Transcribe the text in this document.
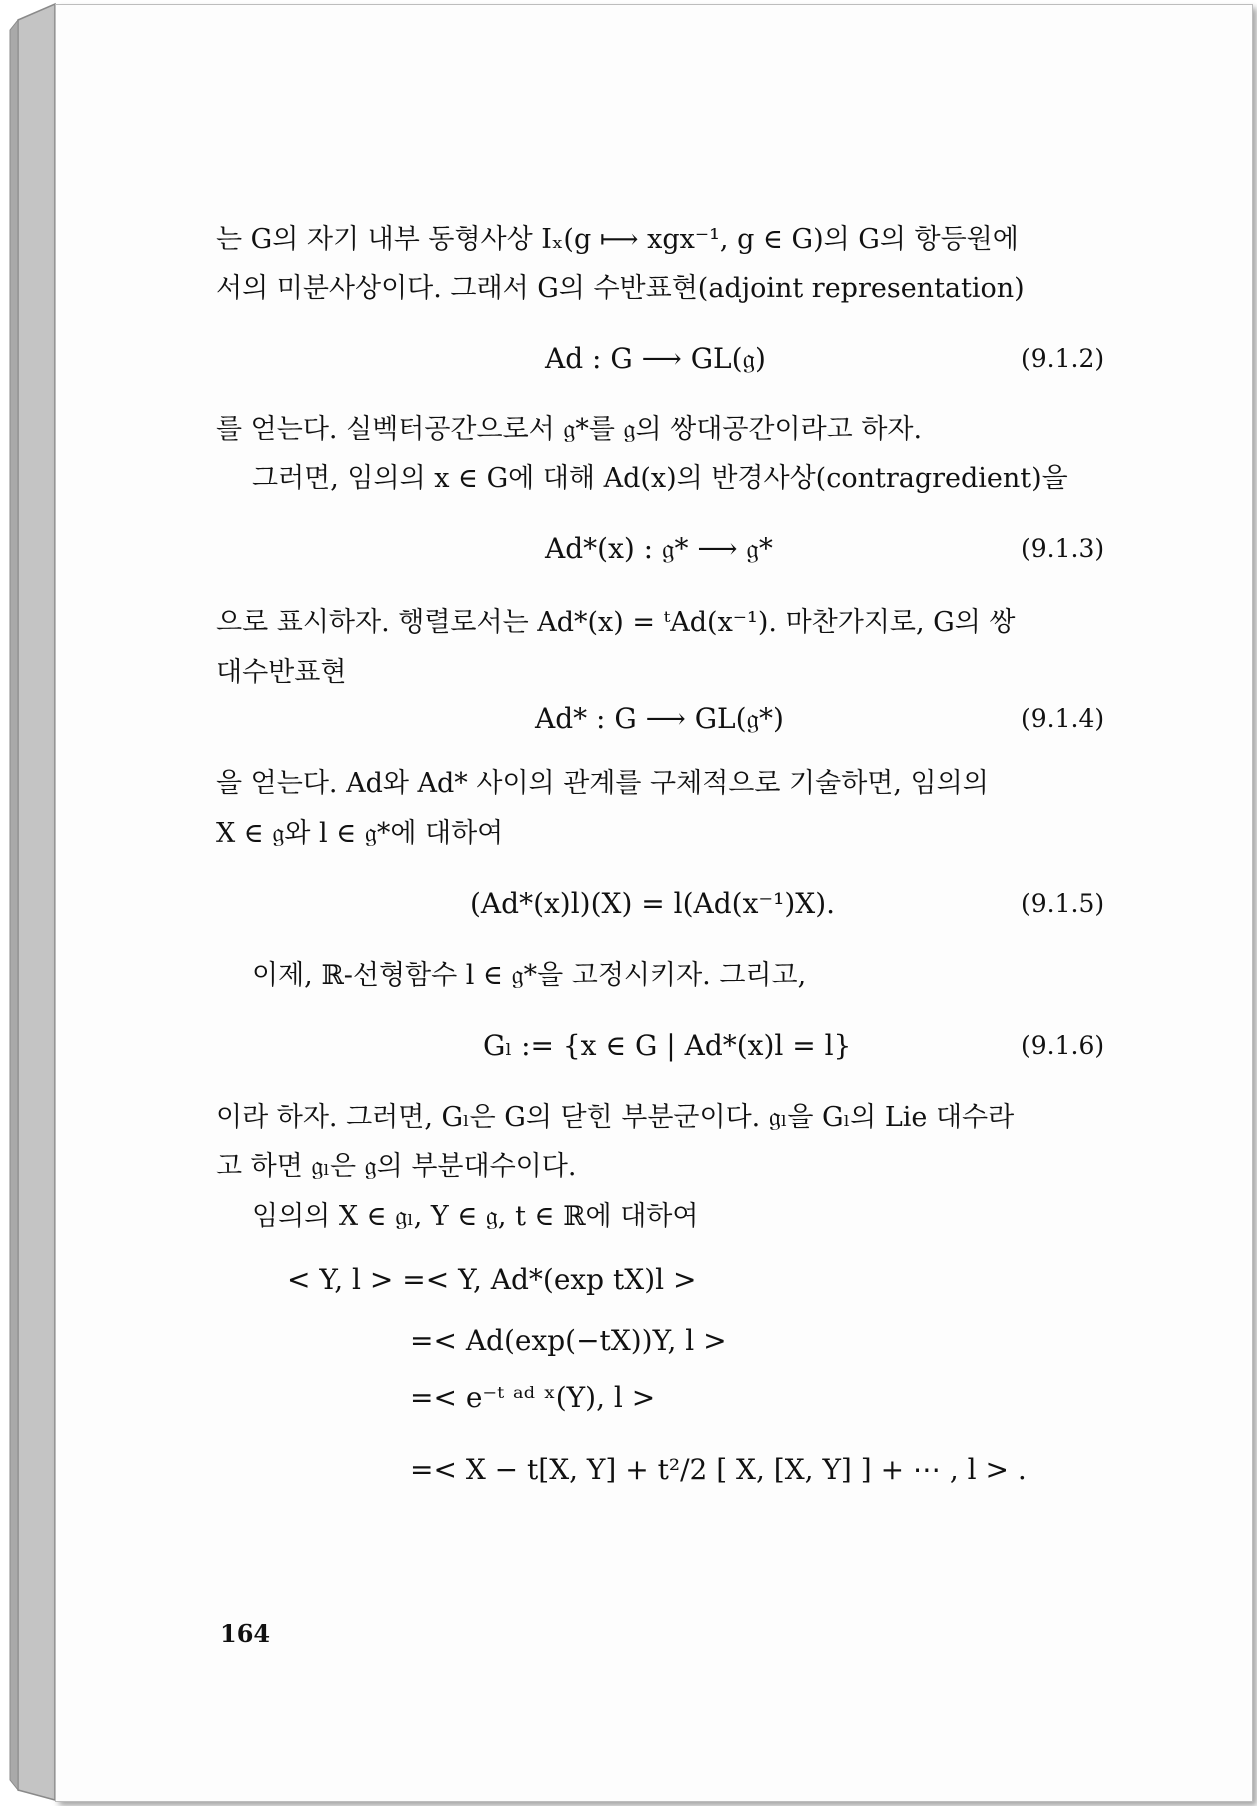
는 G의 자기 내부 동형사상 Iₓ(g ⟼ xgx⁻¹, g ∈ G)의 G의 항등원에
서의 미분사상이다. 그래서 G의 수반표현(adjoint representation)
Ad : G ⟶ GL(𝔤)	(9.1.2)
를 얻는다. 실벡터공간으로서 𝔤*를 𝔤의 쌍대공간이라고 하자.
그러면, 임의의 x ∈ G에 대해 Ad(x)의 반경사상(contragredient)을
Ad*(x) : 𝔤* ⟶ 𝔤*	(9.1.3)
으로 표시하자. 행렬로서는 Ad*(x) = ᵗAd(x⁻¹). 마찬가지로, G의 쌍
대수반표현
Ad* : G ⟶ GL(𝔤*)	(9.1.4)
을 얻는다. Ad와 Ad* 사이의 관계를 구체적으로 기술하면, 임의의
X ∈ 𝔤와 l ∈ 𝔤*에 대하여
(Ad*(x)l)(X) = l(Ad(x⁻¹)X).	(9.1.5)
이제, ℝ-선형함수 l ∈ 𝔤*을 고정시키자. 그리고,
Gₗ := {x ∈ G | Ad*(x)l = l}	(9.1.6)
이라 하자. 그러면, Gₗ은 G의 닫힌 부분군이다. 𝔤ₗ을 Gₗ의 Lie 대수라
고 하면 𝔤ₗ은 𝔤의 부분대수이다.
임의의 X ∈ 𝔤ₗ, Y ∈ 𝔤, t ∈ ℝ에 대하여
< Y, l > =< Y, Ad*(exp tX)l >
=< Ad(exp(−tX))Y, l >
=< e⁻ᵗ ᵃᵈ ˣ(Y), l >
=< X − t[X, Y] + t²/2 [ X, [X, Y] ] + ⋯ , l > .
164
